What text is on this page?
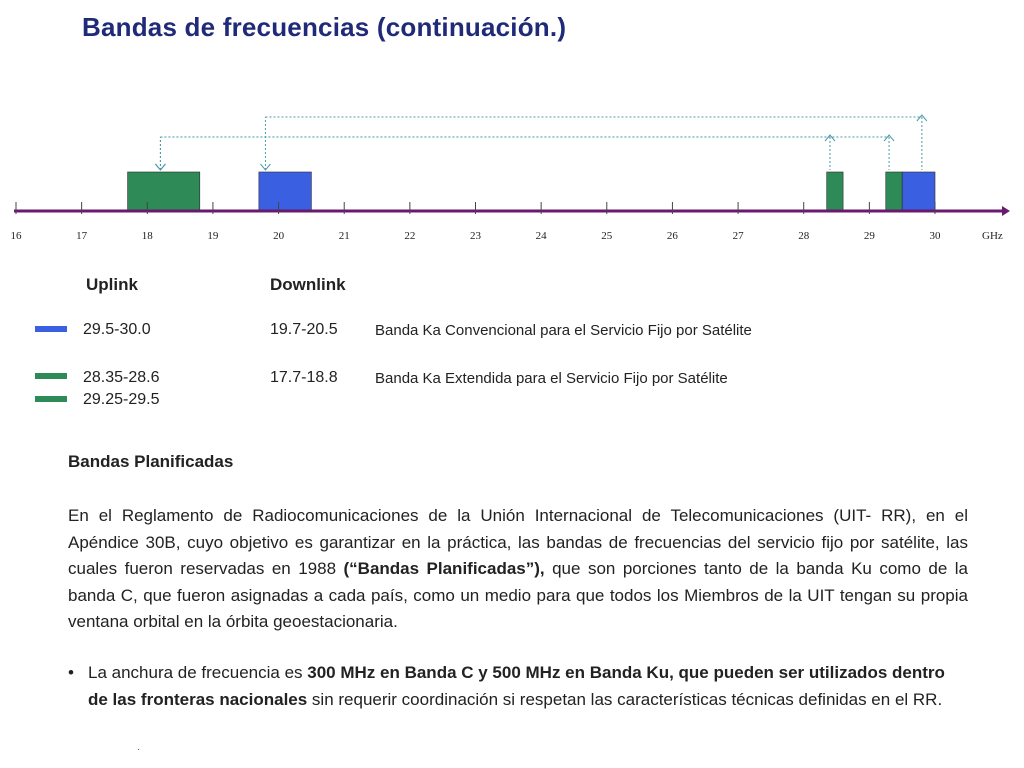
Bandas de frecuencias (continuación.)
16	17	18	19	20	21	22	23	24	25	26	27	28	29	30	GHz
Uplink	Downlink
29.5-30.0	19.7-20.5 Banda Ka Convencional para el Servicio Fijo por Satélite
28.35-28.6	17.7-18.8 Banda Ka Extendida para el Servicio Fijo por Satélite
29.25-29.5
Bandas Planificadas
En el Reglamento de Radiocomunicaciones de la Unión Internacional de Telecomunicaciones (UIT- RR), en el Apéndice 30B, cuyo objetivo es garantizar en la práctica, las bandas de frecuencias del servicio fijo por satélite, las cuales fueron reservadas en 1988 (“Bandas Planificadas”), que son porciones tanto de la banda Ku como de la banda C, que fueron asignadas a cada país, como un medio para que todos los Miembros de la UIT tengan su propia ventana orbital en la órbita geoestacionaria.
• La anchura de frecuencia es 300 MHz en Banda C y 500 MHz en Banda Ku, que pueden ser utilizados dentro de las fronteras nacionales sin requerir coordinación si respetan las características técnicas definidas en el RR.
·
